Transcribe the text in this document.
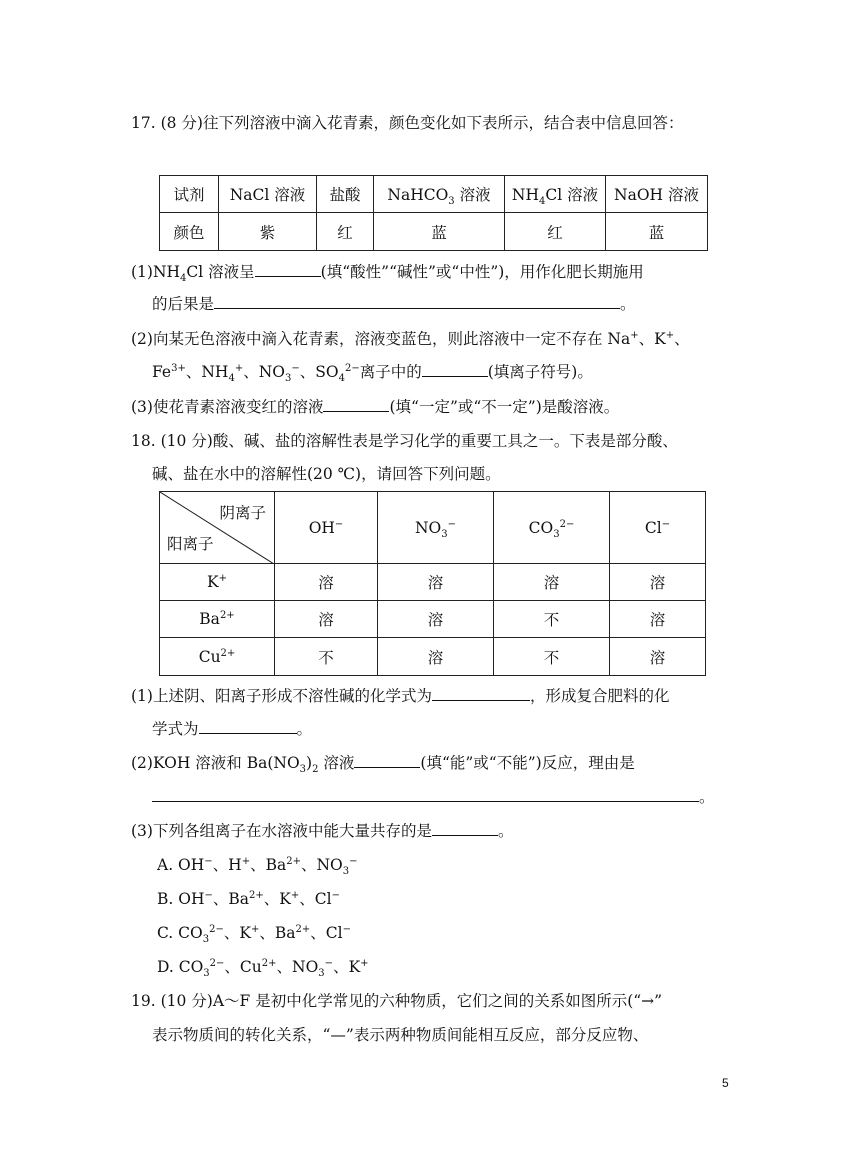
17. (8 分)往下列溶液中滴入花青素，颜色变化如下表所示，结合表中信息回答：
试剂	NaCl 溶液	盐酸	NaHCO$_3$ 溶液	$NH_4Cl$ 溶液	NaOH 溶液
颜色	紫	红	蓝	红	蓝
$(1)NH_4Cl$ 溶液呈	(填“酸性”“碱性”或“中性”)，用作化肥长期施用
的后果是	。
(2)向某无色溶液中滴入花青素，溶液变蓝色，则此溶液中一定不存在 Na+、K+、
$Fe^{3+}$、$NH_4^+$、$NO_3^-$、$SO_4^{2-}$离子中的	(填离子符号)。
(3)使花青素溶液变红的溶液	(填“一定”或“不一定”)是酸溶液。
18. (10 分)酸、碱、盐的溶解性表是学习化学的重要工具之一。下表是部分酸、
碱、盐在水中的溶解性(20 ℃)，请回答下列问题。
阴离子
阳离子	OH−	$NO_3^-$	$CO_3^{2-}$	Cl−
K+	溶	溶	溶	溶
$Ba^{2+}$	溶	溶	不	溶
$Cu^{2+}$	不	溶	不	溶
(1)上述阴、阳离子形成不溶性碱的化学式为	，形成复合肥料的化
学式为	。
(2)KOH 溶液和 $Ba(NO_3)_2$ 溶液	(填“能”或“不能”)反应，理由是
。
(3)下列各组离子在水溶液中能大量共存的是	。
A. OH−、H+、$Ba^{2+}$、$NO_3^-$
B. OH−、$Ba^{2+}$、K+、Cl−
C. $CO_3^{2-}$、K+、$Ba^{2+}$、Cl−
D. $CO_3^{2-}$、$Cu^{2+}$、$NO_3^-$、K+
19. (10 分)A～F 是初中化学常见的六种物质，它们之间的关系如图所示(“→”
表示物质间的转化关系，“—”表示两种物质间能相互反应，部分反应物、
5
